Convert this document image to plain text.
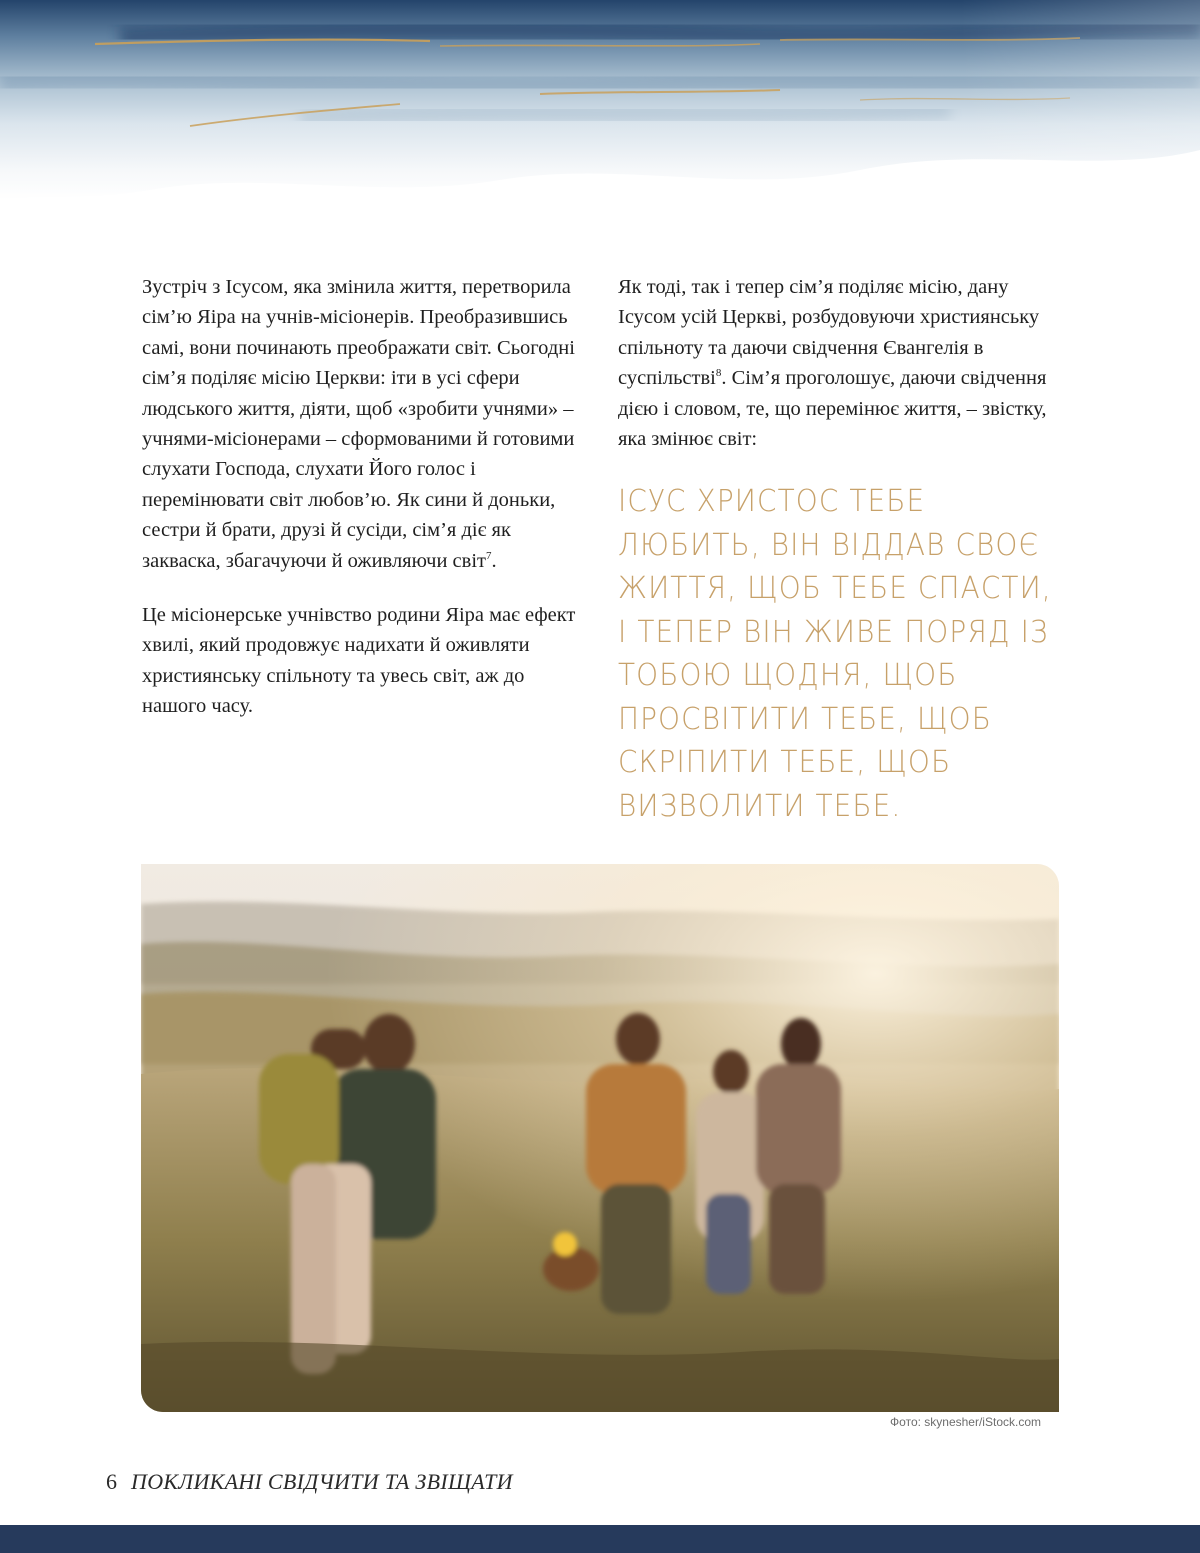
Зустріч з Ісусом, яка змінила життя, перетворила сім’ю Яіра на учнів-місіонерів. Преобразившись самі, вони починають преображати світ. Сьогодні сім’я поділяє місію Церкви: іти в усі сфери людського життя, діяти, щоб «зробити учнями» – учнями-місіонерами – сформованими й готовими слухати Господа, слухати Його голос і перемінювати світ любов’ю. Як сини й доньки, сестри й брати, друзі й сусіди, сім’я діє як закваска, збагачуючи й оживляючи світ$^7$.

Це місіонерське учнівство родини Яіра має ефект хвилі, який продовжує надихати й оживляти християнську спільноту та увесь світ, аж до нашого часу.

Як тоді, так і тепер сім’я поділяє місію, дану Ісусом усій Церкві, розбудовуючи християнську спільноту та даючи свідчення Євангелія в суспільстві$^8$. Сім’я проголошує, даючи свідчення дією і словом, те, що перемінює життя, – звістку, яка змінює світ:

ІСУС ХРИСТОС ТЕБЕ ЛЮБИТЬ, ВІН ВІДДАВ СВОЄ ЖИТТЯ, ЩОБ ТЕБЕ СПАСТИ, І ТЕПЕР ВІН ЖИВЕ ПОРЯД ІЗ ТОБОЮ ЩОДНЯ, ЩОБ ПРОСВІТИТИ ТЕБЕ, ЩОБ СКРІПИТИ ТЕБЕ, ЩОБ ВИЗВОЛИТИ ТЕБЕ.

Фото: skynesher/iStock.com
6 ПОКЛИКАНІ СВІДЧИТИ ТА ЗВІЩАТИ
